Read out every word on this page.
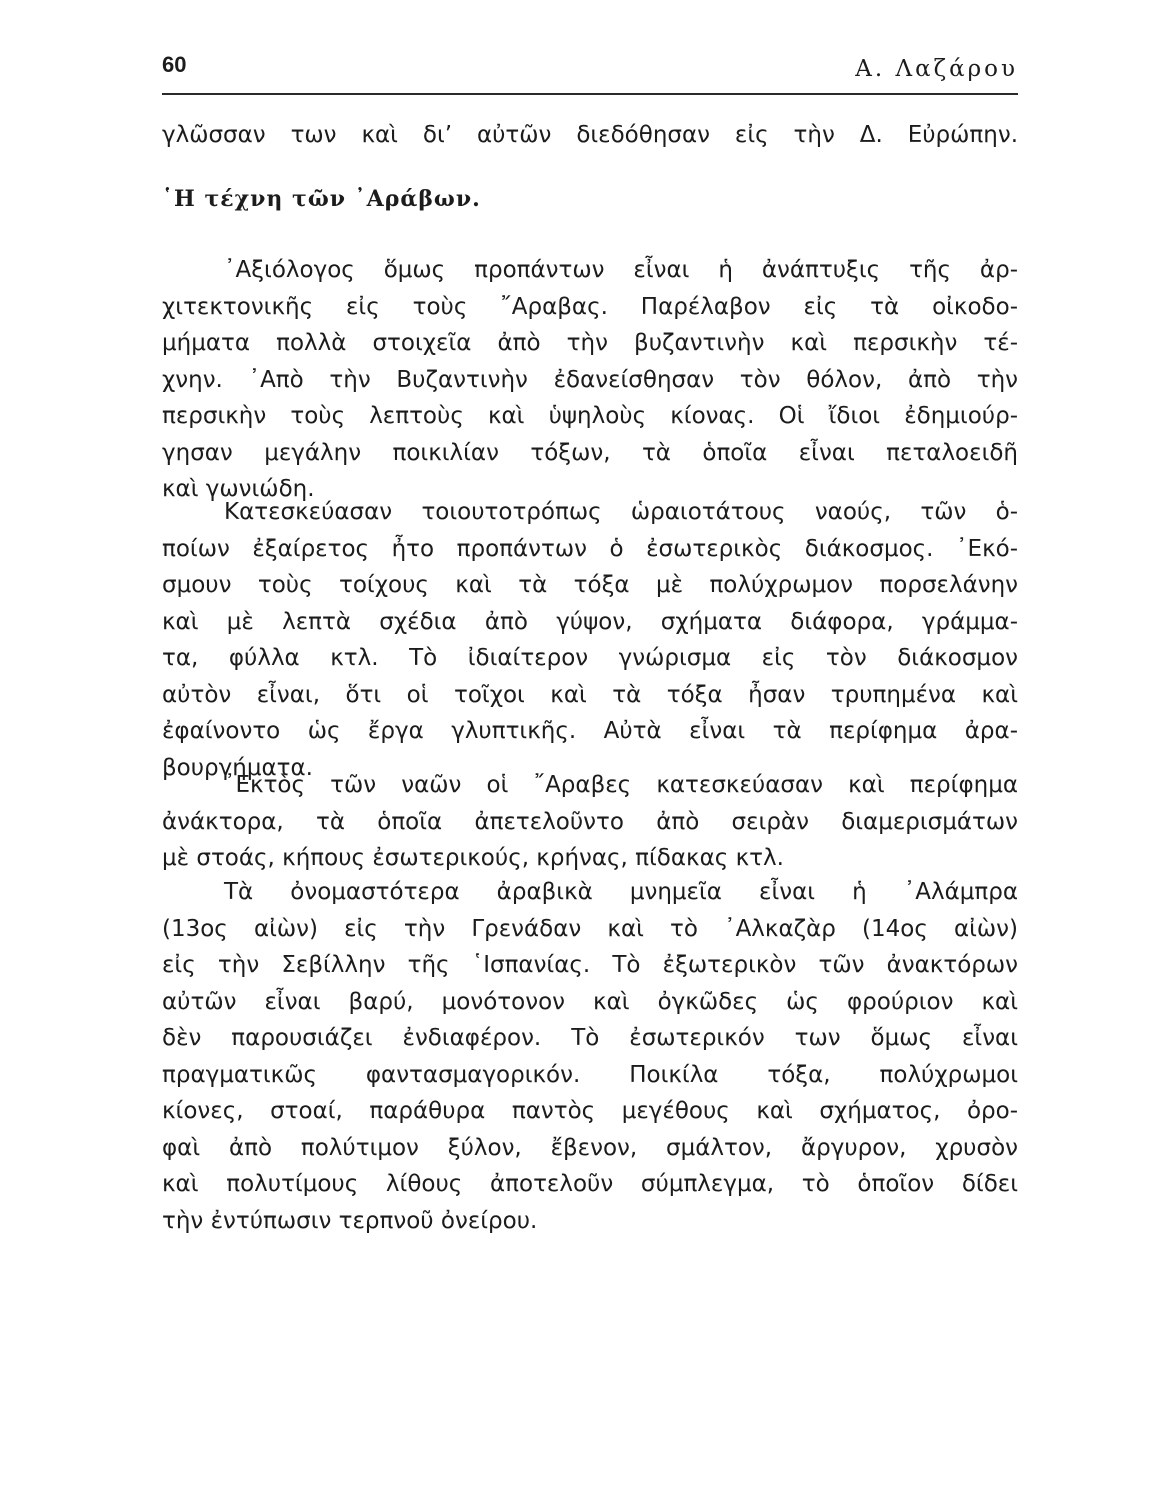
60	Α. Λαζάρου
γλῶσσαν των καὶ δι’ αὐτῶν διεδόθησαν εἰς τὴν Δ. Εὐρώπην.
῾Η τέχνη τῶν ᾿Αράβων.
᾿Αξιόλογος ὅμως προπάντων εἶναι ἡ ἀνάπτυξις τῆς ἀρ-
χιτεκτονικῆς εἰς τοὺς ῎Αραβας. Παρέλαβον εἰς τὰ οἰκοδο-
μήματα πολλὰ στοιχεῖα ἀπὸ τὴν βυζαντινὴν καὶ περσικὴν τέ-
χνην. ᾿Απὸ τὴν Βυζαντινὴν ἐδανείσθησαν τὸν θόλον, ἀπὸ τὴν
περσικὴν τοὺς λεπτοὺς καὶ ὑψηλοὺς κίονας. Οἱ ἴδιοι ἐδημιούρ-
γησαν μεγάλην ποικιλίαν τόξων, τὰ ὁποῖα εἶναι πεταλοειδῆ
καὶ γωνιώδη.
Κατεσκεύασαν τοιουτοτρόπως ὡραιοτάτους ναούς, τῶν ὁ-
ποίων ἐξαίρετος ἦτο προπάντων ὁ ἐσωτερικὸς διάκοσμος. ᾿Εκό-
σμουν τοὺς τοίχους καὶ τὰ τόξα μὲ πολύχρωμον πορσελάνην
καὶ μὲ λεπτὰ σχέδια ἀπὸ γύψον, σχήματα διάφορα, γράμμα-
τα, φύλλα κτλ. Τὸ ἰδιαίτερον γνώρισμα εἰς τὸν διάκοσμον
αὐτὸν εἶναι, ὅτι οἱ τοῖχοι καὶ τὰ τόξα ἦσαν τρυπημένα καὶ
ἐφαίνοντο ὡς ἔργα γλυπτικῆς. Αὐτὰ εἶναι τὰ περίφημα ἀρα-
βουργήματα.
᾿Εκτὸς τῶν ναῶν οἱ ῎Αραβες κατεσκεύασαν καὶ περίφημα
ἀνάκτορα, τὰ ὁποῖα ἀπετελοῦντο ἀπὸ σειρὰν διαμερισμάτων
μὲ στοάς, κήπους ἐσωτερικούς, κρήνας, πίδακας κτλ.
Τὰ ὀνομαστότερα ἀραβικὰ μνημεῖα εἶναι ἡ ᾿Αλάμπρα
(13ος αἰὼν) εἰς τὴν Γρενάδαν καὶ τὸ ᾿Αλκαζὰρ (14ος αἰὼν)
εἰς τὴν Σεβίλλην τῆς ῾Ισπανίας. Τὸ ἐξωτερικὸν τῶν ἀνακτόρων
αὐτῶν εἶναι βαρύ, μονότονον καὶ ὀγκῶδες ὡς φρούριον καὶ
δὲν παρουσιάζει ἐνδιαφέρον. Τὸ ἐσωτερικόν των ὅμως εἶναι
πραγματικῶς φαντασμαγορικόν. Ποικίλα τόξα, πολύχρωμοι
κίονες, στοαί, παράθυρα παντὸς μεγέθους καὶ σχήματος, ὀρο-
φαὶ ἀπὸ πολύτιμον ξύλον, ἔβενον, σμάλτον, ἄργυρον, χρυσὸν
καὶ πολυτίμους λίθους ἀποτελοῦν σύμπλεγμα, τὸ ὁποῖον δίδει
τὴν ἐντύπωσιν τερπνοῦ ὀνείρου.
